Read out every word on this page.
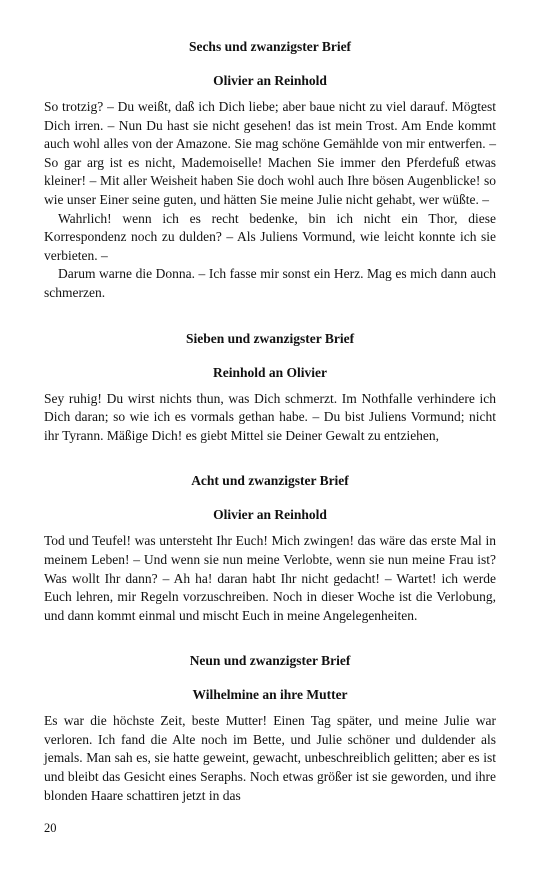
Sechs und zwanzigster Brief
Olivier an Reinhold

So trotzig? – Du weißt, daß ich Dich liebe; aber baue nicht zu viel darauf. Mögtest Dich irren. – Nun Du hast sie nicht gesehen! das ist mein Trost. Am Ende kommt auch wohl alles von der Amazone. Sie mag schöne Gemählde von mir entwerfen. – So gar arg ist es nicht, Mademoiselle! Machen Sie immer den Pferdefuß etwas kleiner! – Mit aller Weisheit haben Sie doch wohl auch Ihre bösen Augenblicke! so wie unser Einer seine guten, und hätten Sie meine Julie nicht gehabt, wer wüßte. –

Wahrlich! wenn ich es recht bedenke, bin ich nicht ein Thor, diese Korrespondenz noch zu dulden? – Als Juliens Vormund, wie leicht konnte ich sie verbieten. –

Darum warne die Donna. – Ich fasse mir sonst ein Herz. Mag es mich dann auch schmerzen.

Sieben und zwanzigster Brief
Reinhold an Olivier

Sey ruhig! Du wirst nichts thun, was Dich schmerzt. Im Nothfalle verhindere ich Dich daran; so wie ich es vormals gethan habe. – Du bist Juliens Vormund; nicht ihr Tyrann. Mäßige Dich! es giebt Mittel sie Deiner Gewalt zu entziehen,

Acht und zwanzigster Brief
Olivier an Reinhold

Tod und Teufel! was untersteht Ihr Euch! Mich zwingen! das wäre das erste Mal in meinem Leben! – Und wenn sie nun meine Verlobte, wenn sie nun meine Frau ist? Was wollt Ihr dann? – Ah ha! daran habt Ihr nicht gedacht! – Wartet! ich werde Euch lehren, mir Regeln vorzuschreiben. Noch in dieser Woche ist die Verlobung, und dann kommt einmal und mischt Euch in meine Angelegenheiten.

Neun und zwanzigster Brief
Wilhelmine an ihre Mutter

Es war die höchste Zeit, beste Mutter! Einen Tag später, und meine Julie war verloren. Ich fand die Alte noch im Bette, und Julie schöner und duldender als jemals. Man sah es, sie hatte geweint, gewacht, unbeschreiblich gelitten; aber es ist und bleibt das Gesicht eines Seraphs. Noch etwas größer ist sie geworden, und ihre blonden Haare schattiren jetzt in das

20
